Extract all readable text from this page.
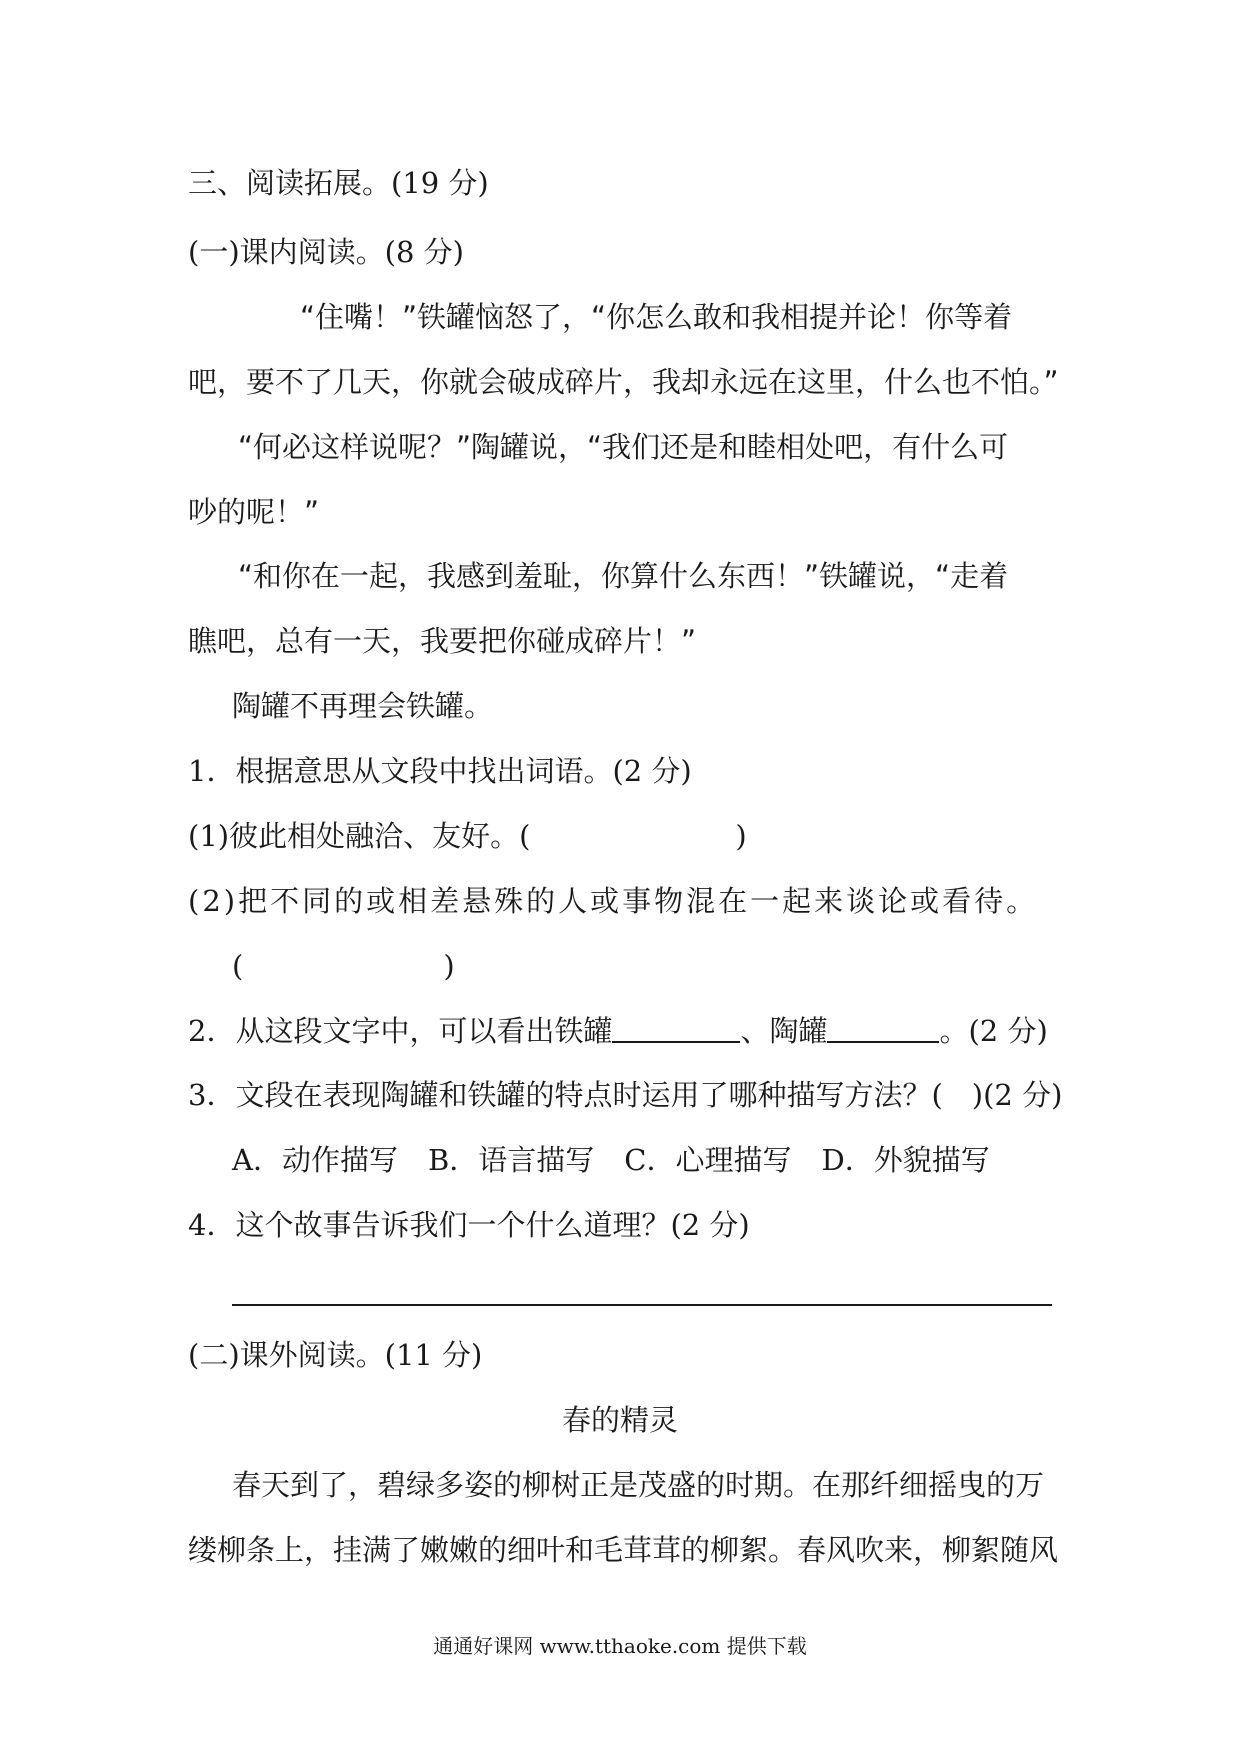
三、阅读拓展。(19 分)
(一)课内阅读。(8 分)
“住嘴！”铁罐恼怒了，“你怎么敢和我相提并论！你等着
吧，要不了几天，你就会破成碎片，我却永远在这里，什么也不怕。”
“何必这样说呢？”陶罐说，“我们还是和睦相处吧，有什么可
吵的呢！”
“和你在一起，我感到羞耻，你算什么东西！”铁罐说，“走着
瞧吧，总有一天，我要把你碰成碎片！”
陶罐不再理会铁罐。
1．根据意思从文段中找出词语。(2 分)
(1)彼此相处融洽、友好。(	)
(2)把不同的或相差悬殊的人或事物混在一起来谈论或看待。
(	)
2．从这段文字中，可以看出铁罐	、陶罐	。(2 分)
3．文段在表现陶罐和铁罐的特点时运用了哪种描写方法？(　)(2 分)
A．动作描写 B．语言描写 C．心理描写 D．外貌描写
4．这个故事告诉我们一个什么道理？(2 分)
(二)课外阅读。(11 分)
春的精灵
春天到了，碧绿多姿的柳树正是茂盛的时期。在那纤细摇曳的万
缕柳条上，挂满了嫩嫩的细叶和毛茸茸的柳絮。春风吹来，柳絮随风
通通好课网 www.tthaoke.com 提供下载
